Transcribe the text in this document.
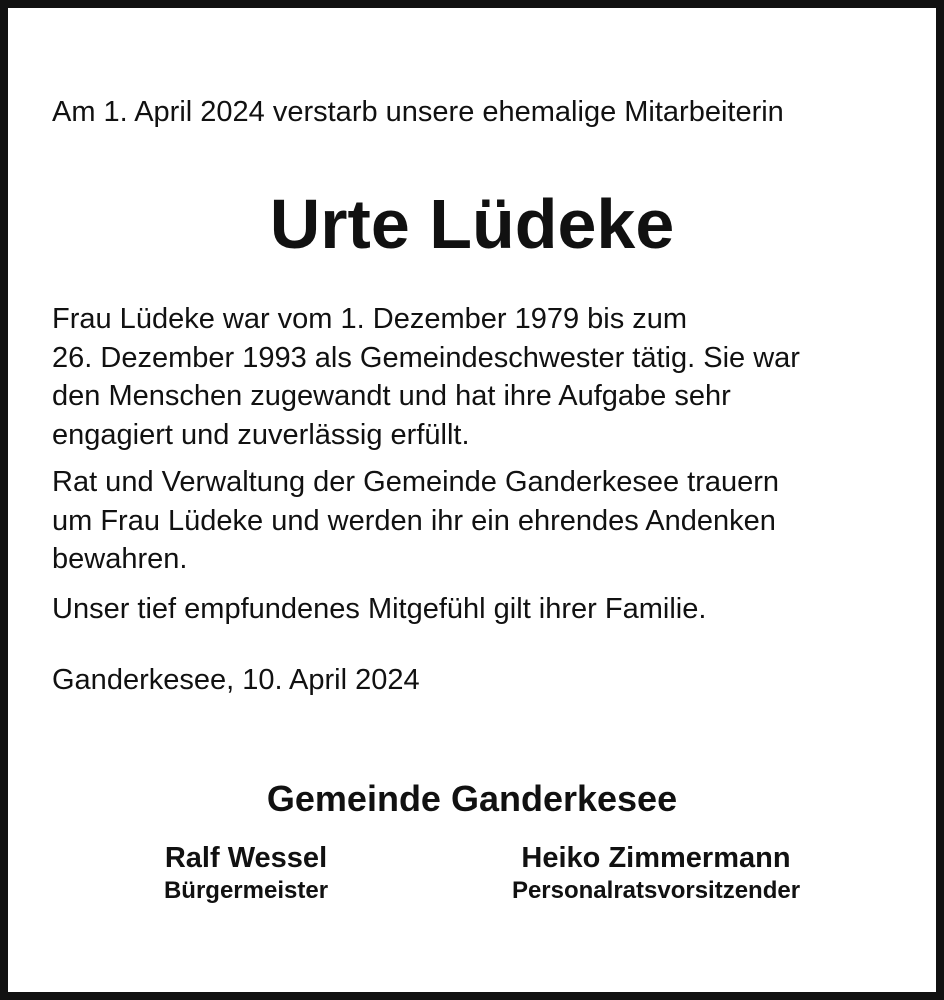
Am 1. April 2024 verstarb unsere ehemalige Mitarbeiterin
Urte Lüdeke

Frau Lüdeke war vom 1. Dezember 1979 bis zum
26. Dezember 1993 als Gemeindeschwester tätig. Sie war
den Menschen zugewandt und hat ihre Aufgabe sehr
engagiert und zuverlässig erfüllt.

Rat und Verwaltung der Gemeinde Ganderkesee trauern
um Frau Lüdeke und werden ihr ein ehrendes Andenken
bewahren.

Unser tief empfundenes Mitgefühl gilt ihrer Familie.

Ganderkesee, 10. April 2024
Gemeinde Ganderkesee
Ralf Wessel
Bürgermeister
Heiko Zimmermann
Personalratsvorsitzender
